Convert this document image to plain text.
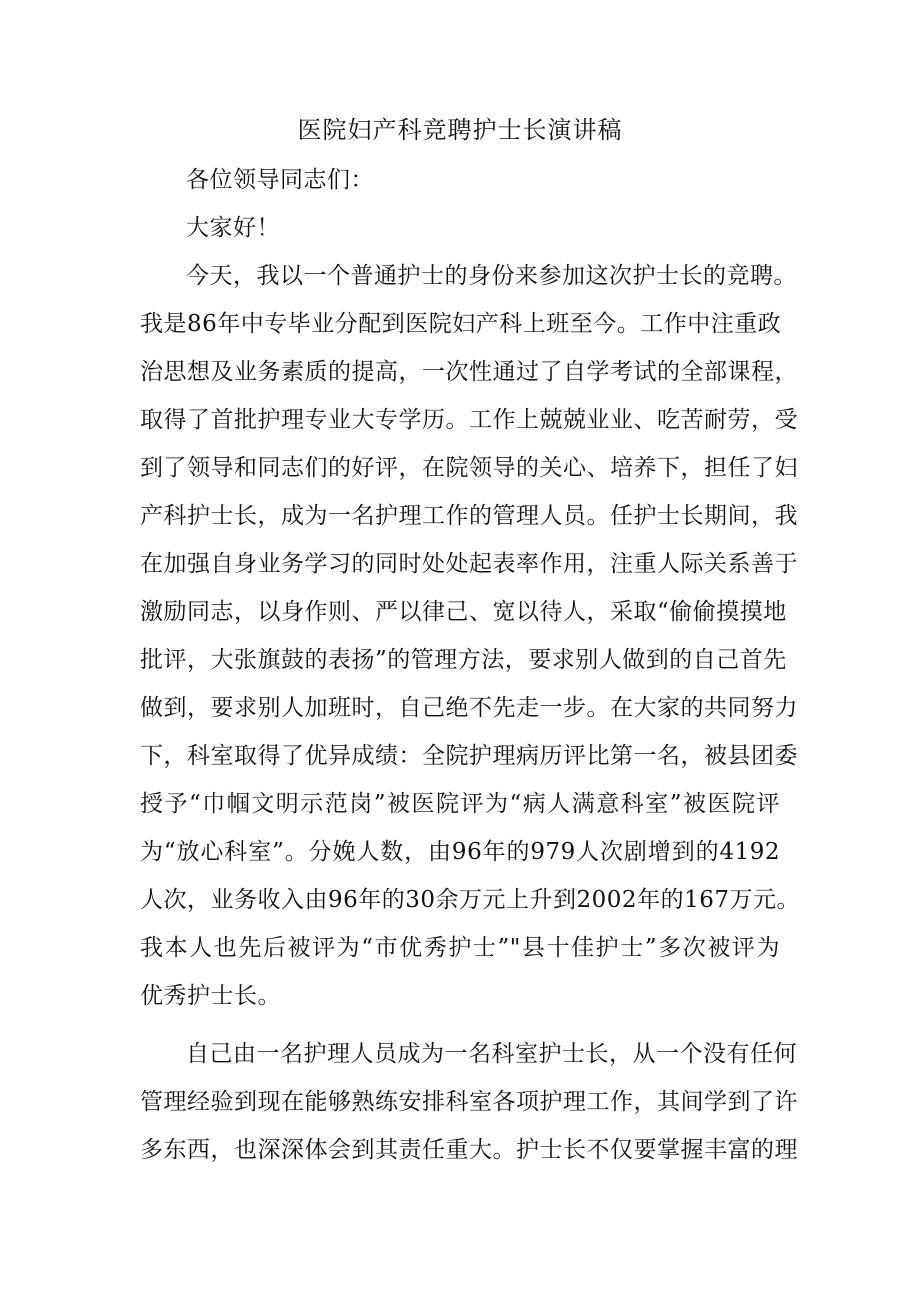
医院妇产科竞聘护士长演讲稿

各位领导同志们：

大家好！

今天，我以一个普通护士的身份来参加这次护士长的竞聘。
我是86年中专毕业分配到医院妇产科上班至今。工作中注重政
治思想及业务素质的提高，一次性通过了自学考试的全部课程，
取得了首批护理专业大专学历。工作上兢兢业业、吃苦耐劳，受
到了领导和同志们的好评，在院领导的关心、培养下，担任了妇
产科护士长，成为一名护理工作的管理人员。任护士长期间，我
在加强自身业务学习的同时处处起表率作用，注重人际关系善于
激励同志，以身作则、严以律己、宽以待人，采取“偷偷摸摸地
批评，大张旗鼓的表扬”的管理方法，要求别人做到的自己首先
做到，要求别人加班时，自己绝不先走一步。在大家的共同努力
下，科室取得了优异成绩：全院护理病历评比第一名，被县团委
授予“巾帼文明示范岗”被医院评为“病人满意科室”被医院评
为“放心科室”。分娩人数，由96年的979人次剧增到的4192
人次，业务收入由96年的30余万元上升到2002年的167万元。
我本人也先后被评为“市优秀护士”"县十佳护士”多次被评为
优秀护士长。

自己由一名护理人员成为一名科室护士长，从一个没有任何
管理经验到现在能够熟练安排科室各项护理工作，其间学到了许
多东西，也深深体会到其责任重大。护士长不仅要掌握丰富的理
